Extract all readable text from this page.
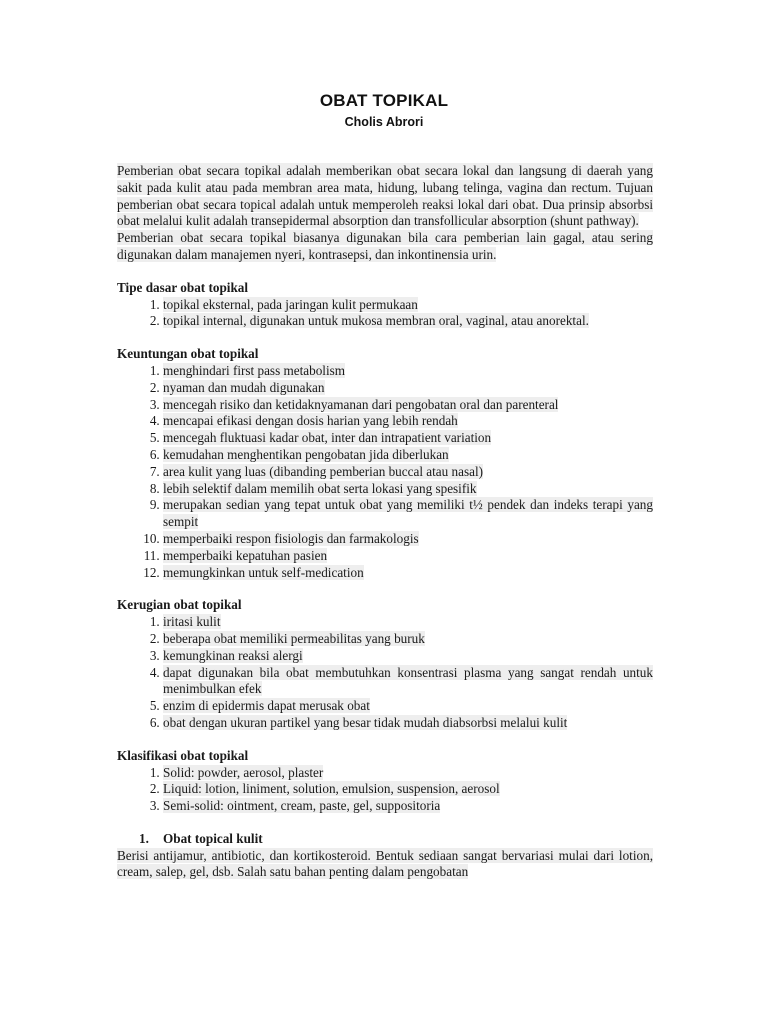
OBAT TOPIKAL
Cholis Abrori

Pemberian obat secara topikal adalah memberikan obat secara lokal dan langsung di daerah yang sakit pada kulit atau pada membran area mata, hidung, lubang telinga, vagina dan rectum. Tujuan pemberian obat secara topical adalah untuk memperoleh reaksi lokal dari obat. Dua prinsip absorbsi obat melalui kulit adalah transepidermal absorption dan transfollicular absorption (shunt pathway).

Pemberian obat secara topikal biasanya digunakan bila cara pemberian lain gagal, atau sering digunakan dalam manajemen nyeri, kontrasepsi, dan inkontinensia urin.

Tipe dasar obat topikal
1. topikal eksternal, pada jaringan kulit permukaan
2. topikal internal, digunakan untuk mukosa membran oral, vaginal, atau anorektal.
Keuntungan obat topikal
1. menghindari first pass metabolism
2. nyaman dan mudah digunakan
3. mencegah risiko dan ketidaknyamanan dari pengobatan oral dan parenteral
4. mencapai efikasi dengan dosis harian yang lebih rendah
5. mencegah fluktuasi kadar obat, inter dan intrapatient variation
6. kemudahan menghentikan pengobatan jida diberlukan
7. area kulit yang luas (dibanding pemberian buccal atau nasal)
8. lebih selektif dalam memilih obat serta lokasi yang spesifik
9. merupakan sedian yang tepat untuk obat yang memiliki t½ pendek dan indeks terapi yang sempit
10. memperbaiki respon fisiologis dan farmakologis
11. memperbaiki kepatuhan pasien
12. memungkinkan untuk self-medication
Kerugian obat topikal
1. iritasi kulit
2. beberapa obat memiliki permeabilitas yang buruk
3. kemungkinan reaksi alergi
4. dapat digunakan bila obat membutuhkan konsentrasi plasma yang sangat rendah untuk menimbulkan efek
5. enzim di epidermis dapat merusak obat
6. obat dengan ukuran partikel yang besar tidak mudah diabsorbsi melalui kulit
Klasifikasi obat topikal
1. Solid: powder, aerosol, plaster
2. Liquid: lotion, liniment, solution, emulsion, suspension, aerosol
3. Semi-solid: ointment, cream, paste, gel, suppositoria
1. Obat topical kulit

Berisi antijamur, antibiotic, dan kortikosteroid. Bentuk sediaan sangat bervariasi mulai dari lotion, cream, salep, gel, dsb. Salah satu bahan penting dalam pengobatan
